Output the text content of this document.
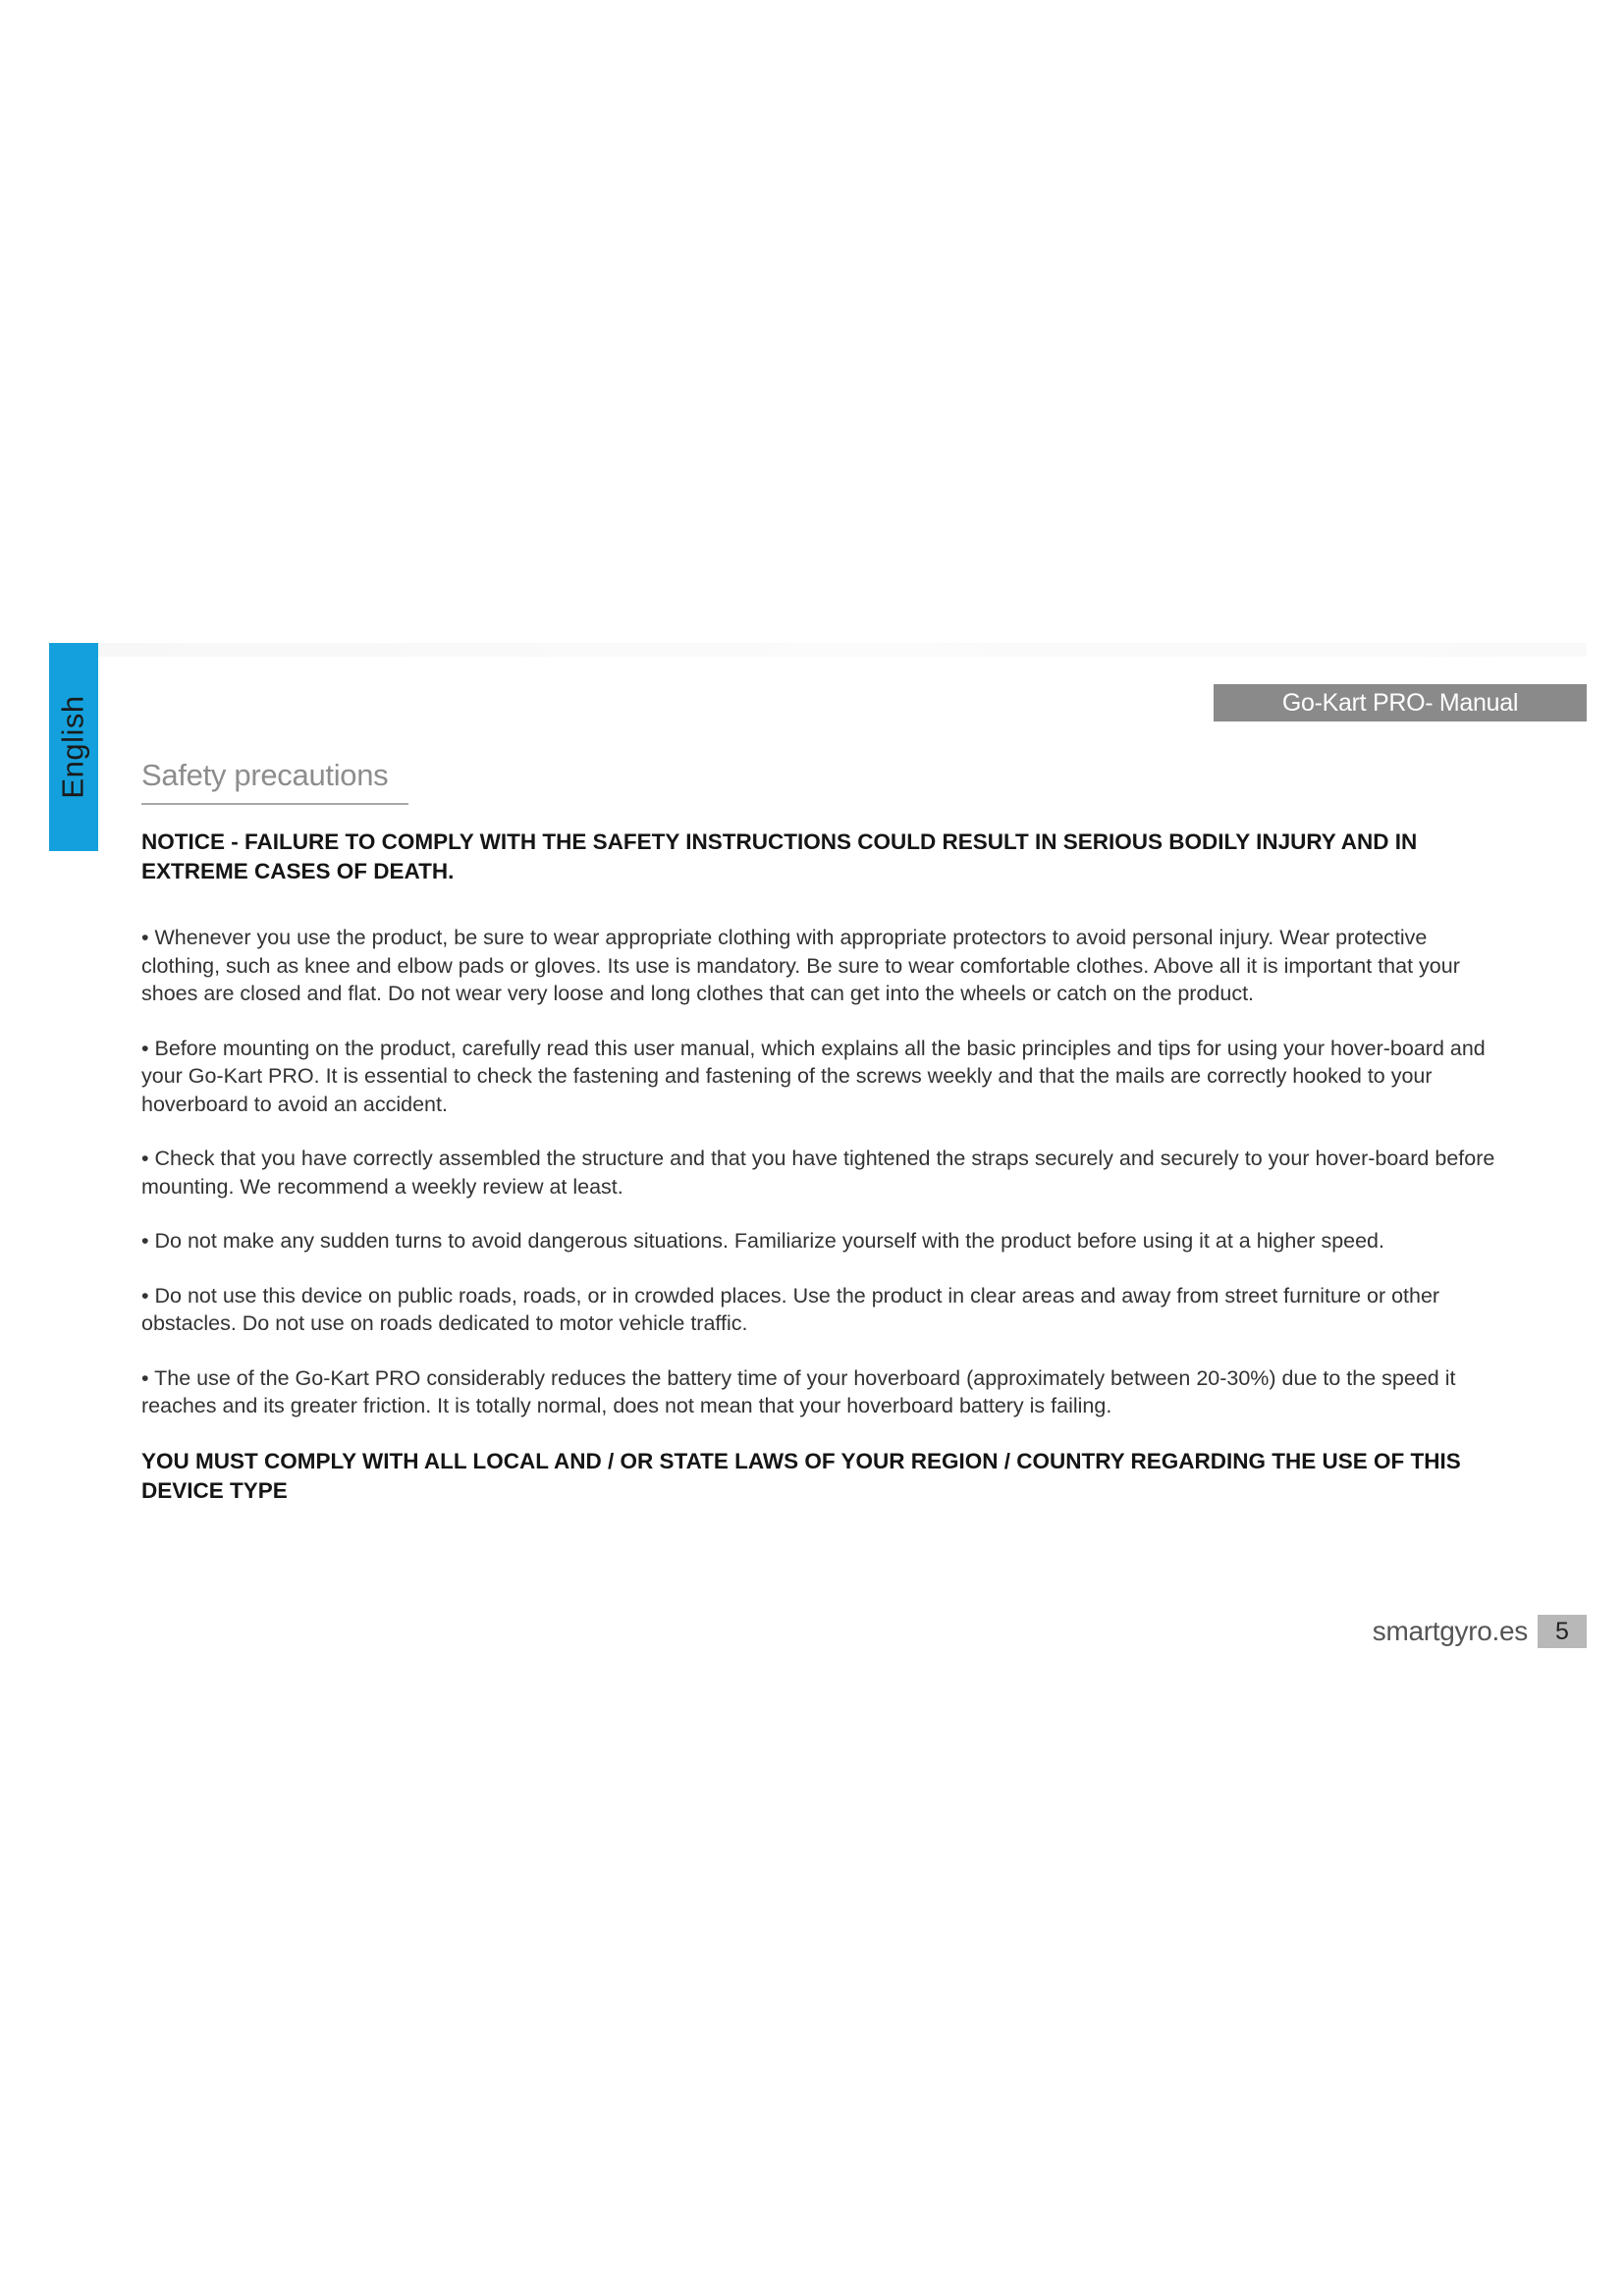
English	Go-Kart PRO- Manual
Safety precautions

NOTICE - FAILURE TO COMPLY WITH THE SAFETY INSTRUCTIONS COULD RESULT IN SERIOUS BODILY INJURY AND IN EXTREME CASES OF DEATH.

• Whenever you use the product, be sure to wear appropriate clothing with appropriate protectors to avoid personal injury. Wear protective clothing, such as knee and elbow pads or gloves. Its use is mandatory. Be sure to wear comfortable clothes. Above all it is important that your shoes are closed and flat. Do not wear very loose and long clothes that can get into the wheels or catch on the product.

• Before mounting on the product, carefully read this user manual, which explains all the basic principles and tips for using your hover-board and your Go-Kart PRO. It is essential to check the fastening and fastening of the screws weekly and that the mails are correctly hooked to your hoverboard to avoid an accident.

• Check that you have correctly assembled the structure and that you have tightened the straps securely and securely to your hover-board before mounting. We recommend a weekly review at least.

• Do not make any sudden turns to avoid dangerous situations. Familiarize yourself with the product before using it at a higher speed.

• Do not use this device on public roads, roads, or in crowded places. Use the product in clear areas and away from street furniture or other obstacles. Do not use on roads dedicated to motor vehicle traffic.

• The use of the Go-Kart PRO considerably reduces the battery time of your hoverboard (approximately between 20-30%) due to the speed it reaches and its greater friction. It is totally normal, does not mean that your hoverboard battery is failing.

YOU MUST COMPLY WITH ALL LOCAL AND / OR STATE LAWS OF YOUR REGION / COUNTRY REGARDING THE USE OF THIS DEVICE TYPE

smartgyro.es	5
